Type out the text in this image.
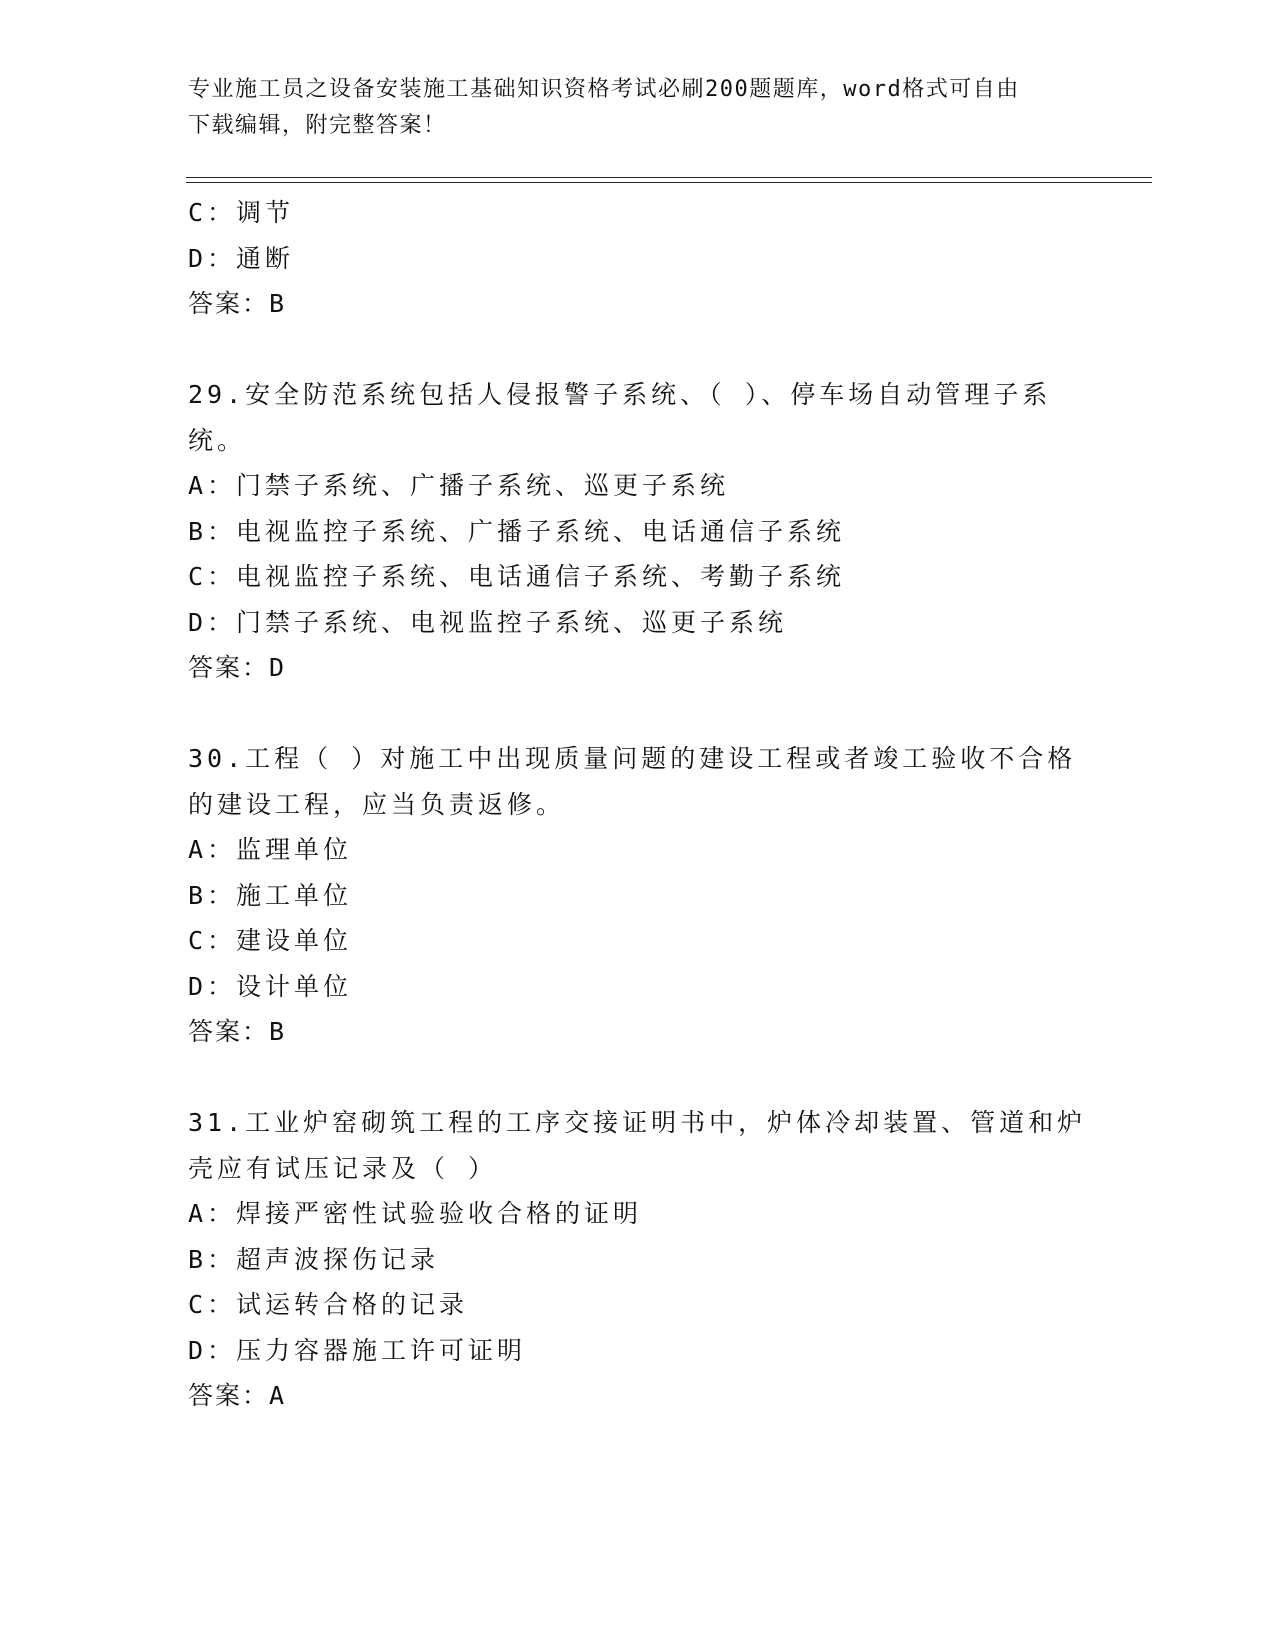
专业施工员之设备安装施工基础知识资格考试必刷200题题库，word格式可自由
下载编辑，附完整答案！
C：调节
D：通断
答案：B
29.安全防范系统包括人侵报警子系统、（ ）、停车场自动管理子系
统。
A：门禁子系统、广播子系统、巡更子系统
B：电视监控子系统、广播子系统、电话通信子系统
C：电视监控子系统、电话通信子系统、考勤子系统
D：门禁子系统、电视监控子系统、巡更子系统
答案：D
30.工程（ ）对施工中出现质量问题的建设工程或者竣工验收不合格
的建设工程，应当负责返修。
A：监理单位
B：施工单位
C：建设单位
D：设计单位
答案：B
31.工业炉窑砌筑工程的工序交接证明书中，炉体冷却装置、管道和炉
壳应有试压记录及（ ）
A：焊接严密性试验验收合格的证明
B：超声波探伤记录
C：试运转合格的记录
D：压力容器施工许可证明
答案：A
